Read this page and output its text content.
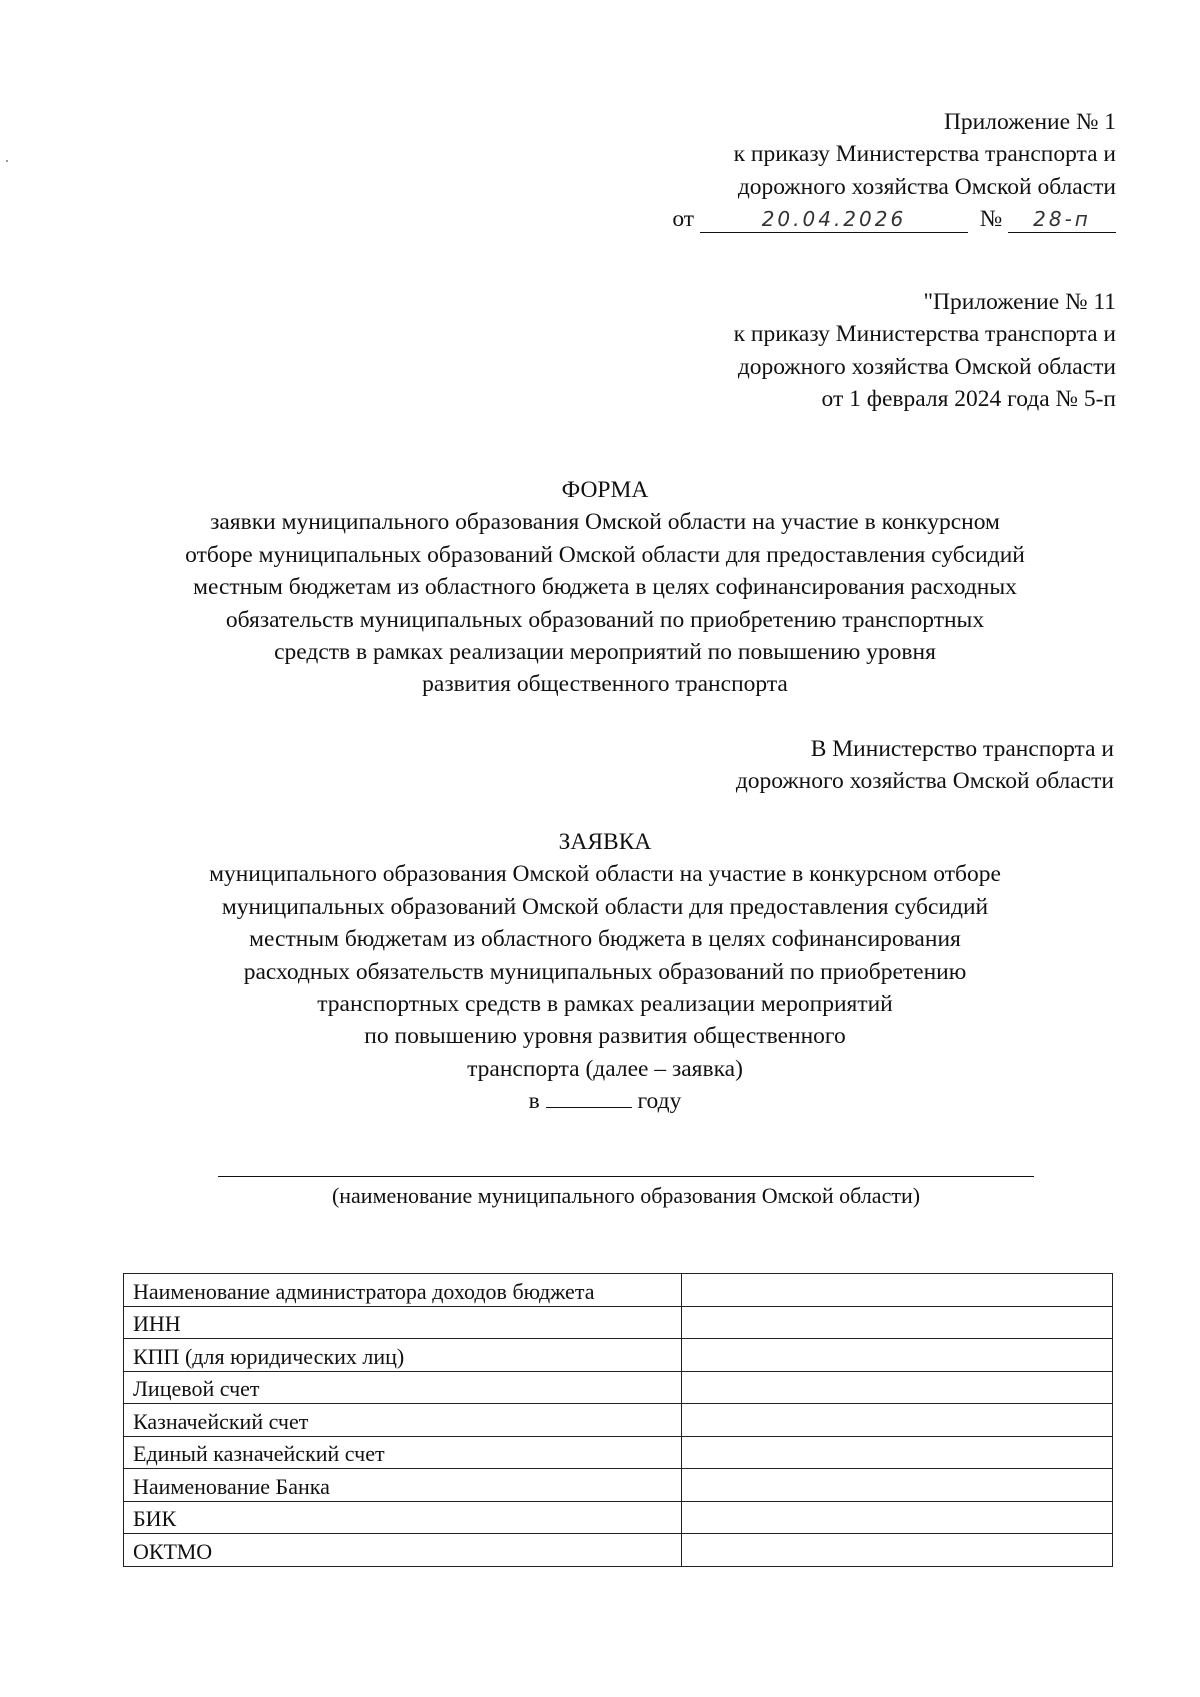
Приложение № 1
к приказу Министерства транспорта и
дорожного хозяйства Омской области
от	20.04.2026	№ 28-п
"Приложение № 11
к приказу Министерства транспорта и
дорожного хозяйства Омской области
от 1 февраля 2024 года № 5-п
ФОРМА
заявки муниципального образования Омской области на участие в конкурсном
отборе муниципальных образований Омской области для предоставления субсидий
местным бюджетам из областного бюджета в целях софинансирования расходных
обязательств муниципальных образований по приобретению транспортных
средств в рамках реализации мероприятий по повышению уровня
развития общественного транспорта
В Министерство транспорта и
дорожного хозяйства Омской области
ЗАЯВКА
муниципального образования Омской области на участие в конкурсном отборе
муниципальных образований Омской области для предоставления субсидий
местным бюджетам из областного бюджета в целях софинансирования
расходных обязательств муниципальных образований по приобретению
транспортных средств в рамках реализации мероприятий
по повышению уровня развития общественного
транспорта (далее – заявка)
в	году
(наименование муниципального образования Омской области)
Наименование администратора доходов бюджета	
ИНН	
КПП (для юридических лиц)	
Лицевой счет	
Казначейский счет	
Единый казначейский счет	
Наименование Банка	
БИК	
ОКТМО	
